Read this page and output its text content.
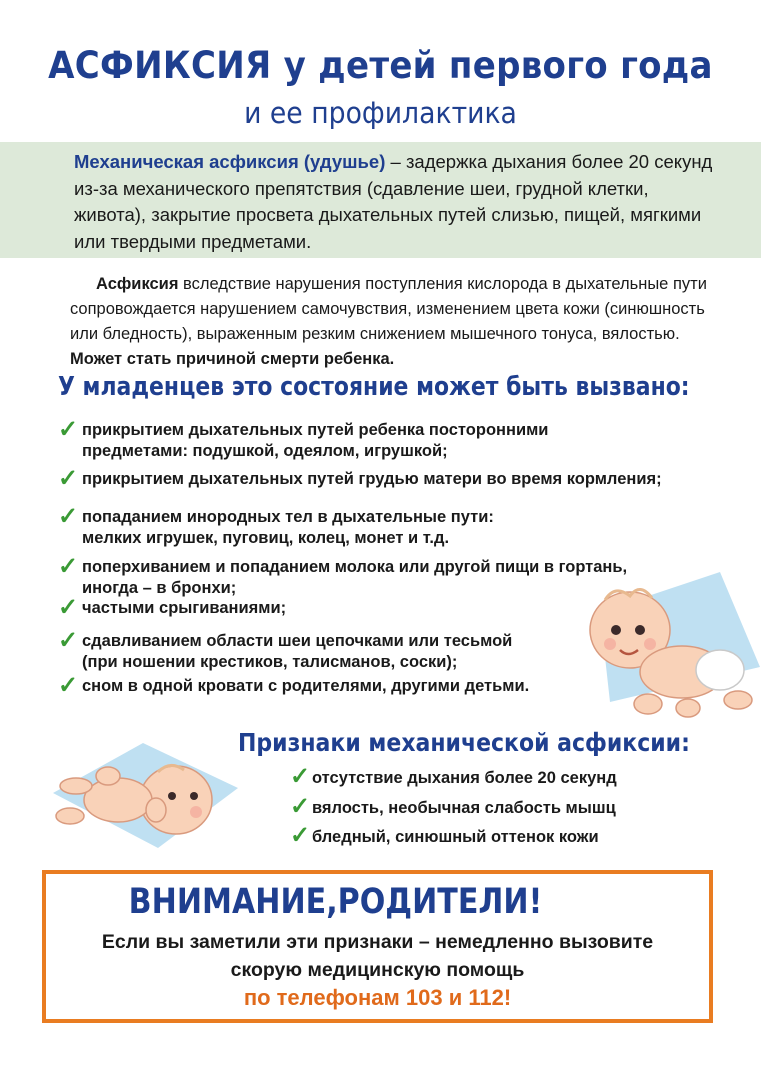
АСФИКСИЯ у детей первого года
и ее профилактика
Механическая асфиксия (удушье) – задержка дыхания более 20 секунд из-за механического препятствия (сдавление шеи, грудной клетки, живота), закрытие просвета дыхательных путей слизью, пищей, мягкими или твердыми предметами.
Асфиксия вследствие нарушения поступления кислорода в дыхательные пути сопровождается нарушением самочувствия, изменением цвета кожи (синюшность или бледность), выраженным резким снижением мышечного тонуса, вялостью. Может стать причиной смерти ребенка.
У младенцев это состояние может быть вызвано:
✓ прикрытием дыхательных путей ребенка посторонними
предметами: подушкой, одеялом, игрушкой;
✓ прикрытием дыхательных путей грудью матери во время кормления;
✓ попаданием инородных тел в дыхательные пути:
мелких игрушек, пуговиц, колец, монет и т.д.
✓ поперхиванием и попаданием молока или другой пищи в гортань,
иногда – в бронхи;
✓ частыми срыгиваниями;
✓ сдавливанием области шеи цепочками или тесьмой
(при ношении крестиков, талисманов, соски);
✓ сном в одной кровати с родителями, другими детьми.
Признаки механической асфиксии:
✓ отсутствие дыхания более 20 секунд
✓ вялость, необычная слабость мышц
✓ бледный, синюшный оттенок кожи
ВНИМАНИЕ,РОДИТЕЛИ!
Если вы заметили эти признаки – немедленно вызовите
скорую медицинскую помощь
по телефонам 103 и 112!
